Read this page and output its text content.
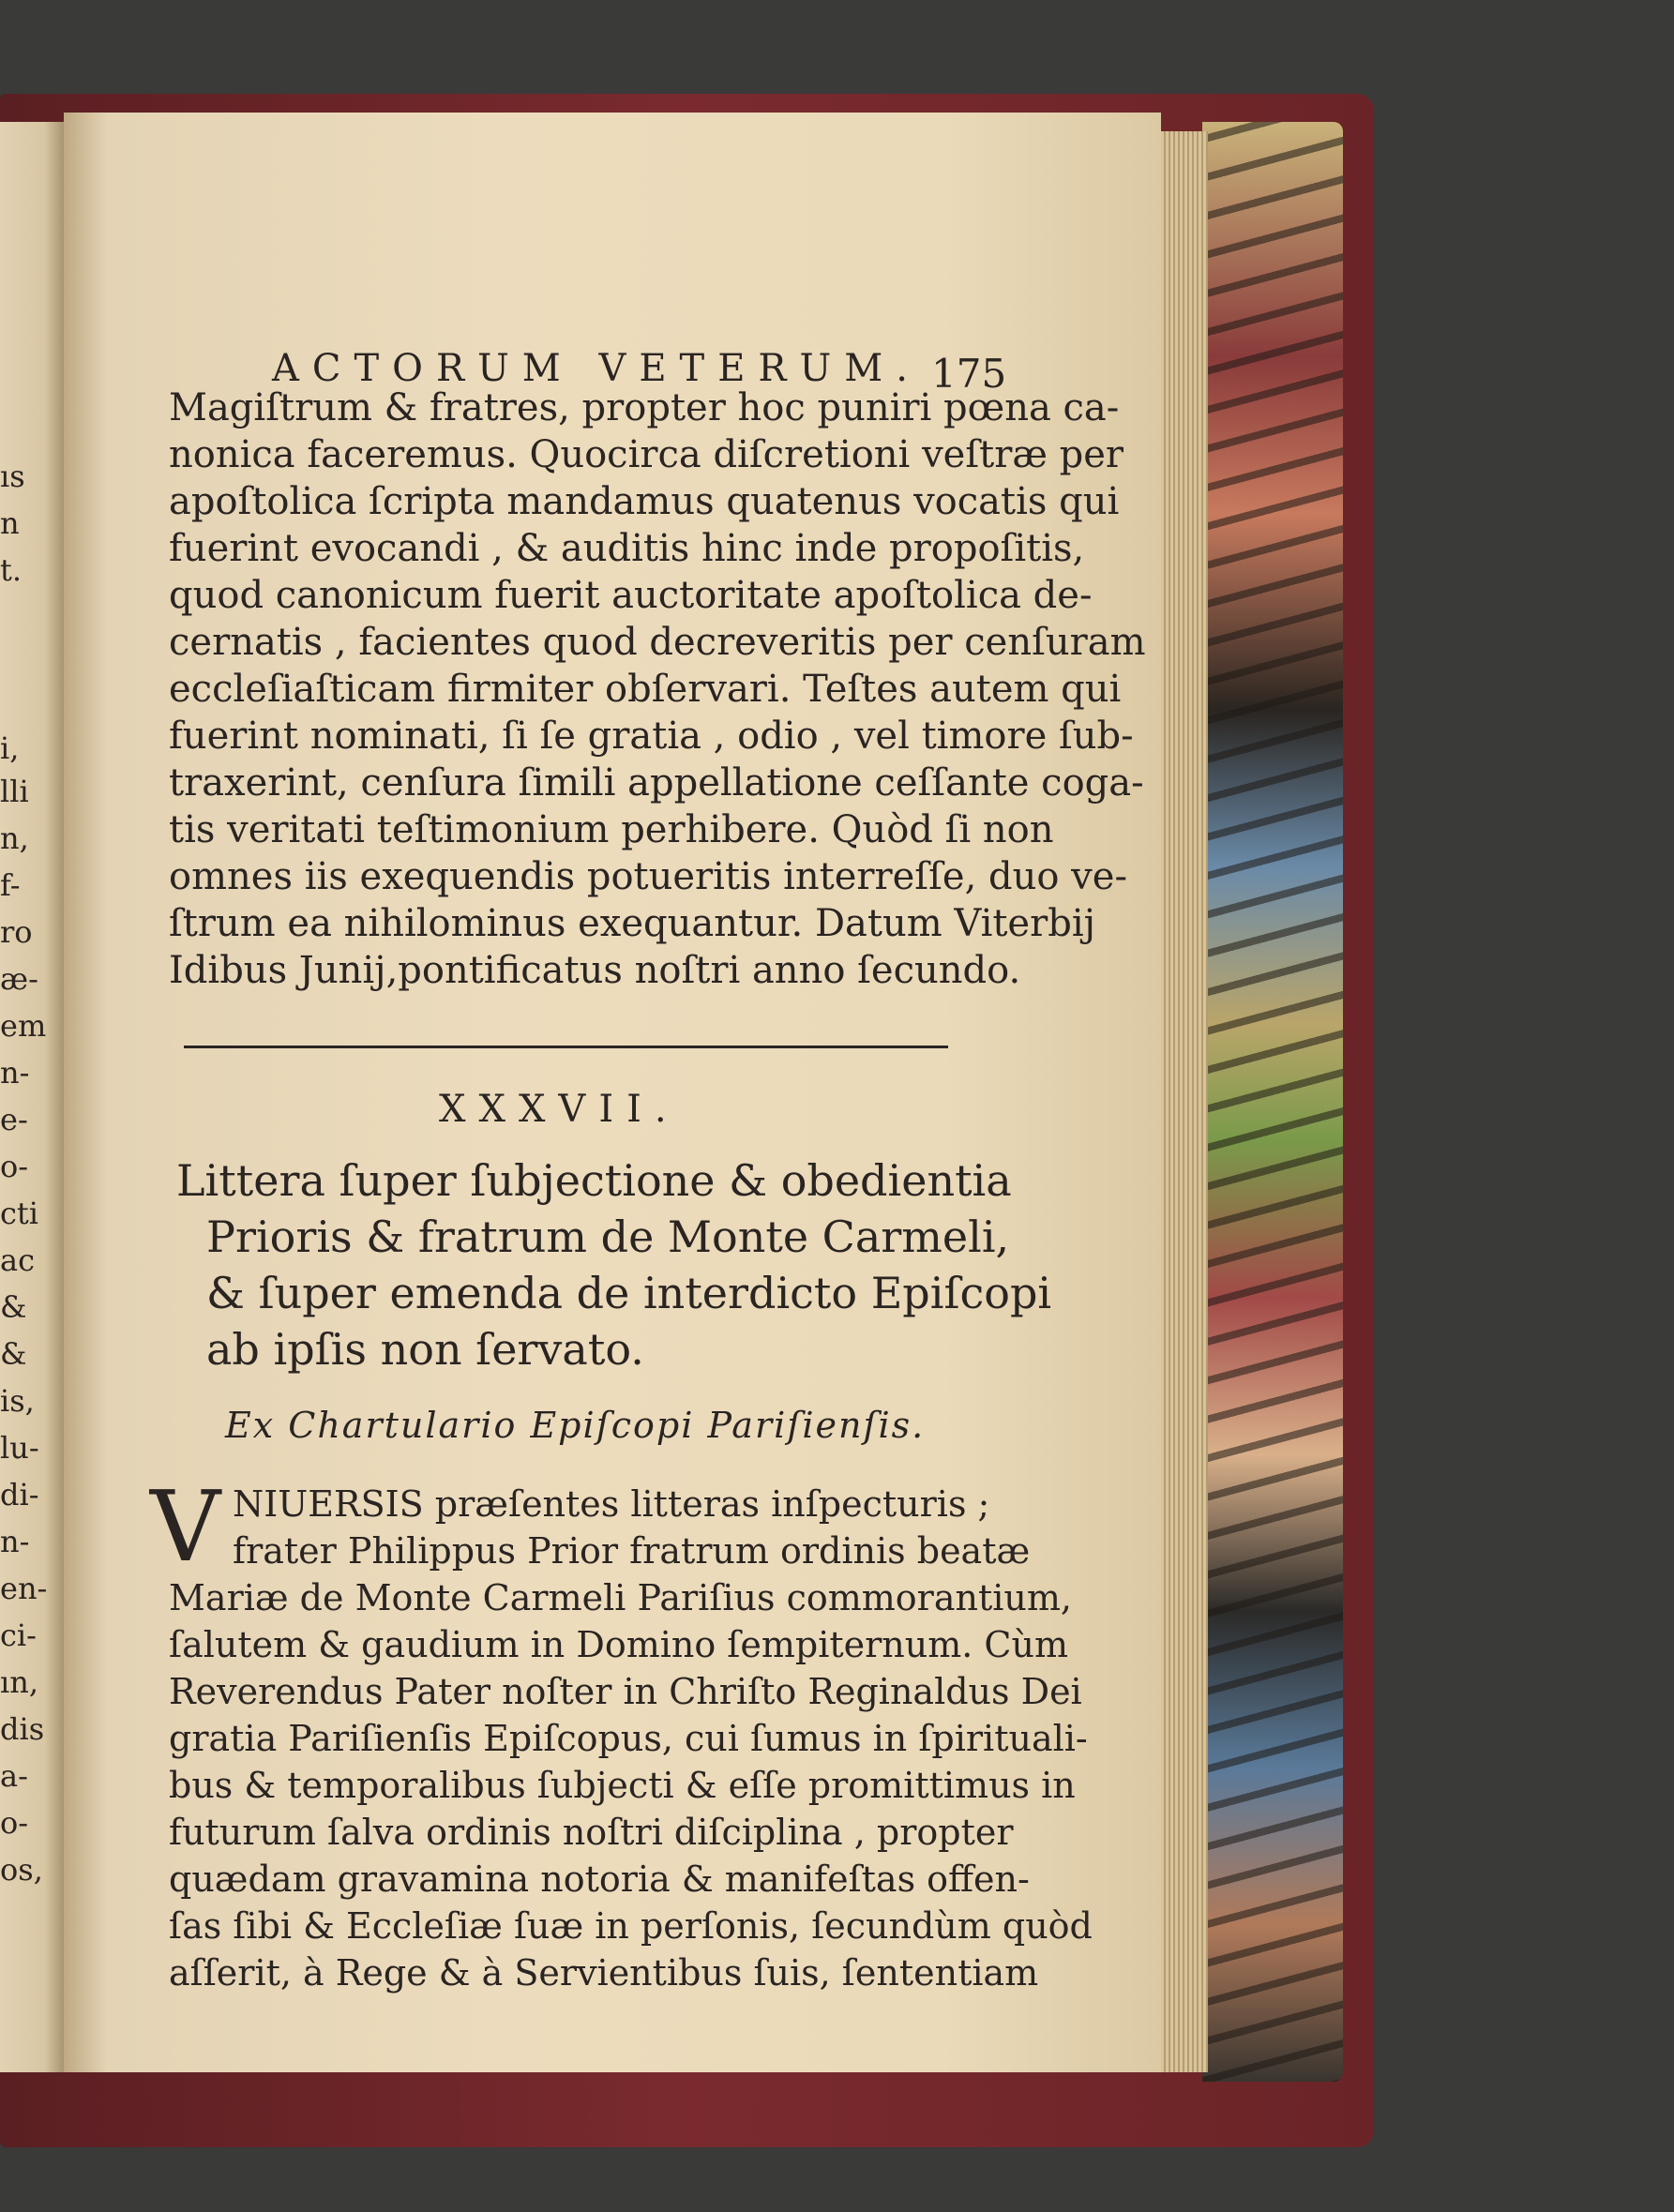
ıs
n
t.
i,
lli
n,
f-
ro
æ-
em
n-
e-
o-
cti
ac
&
&
is,
lu-
di-
n-
en-
ci-
ın,
dis
a-
o-
os,
ACTORUM VETERUM. 175
Magiſtrum & fratres, propter hoc puniri pœna ca-
nonica faceremus. Quocirca diſcretioni veſtræ per
apoſtolica ſcripta mandamus quatenus vocatis qui
fuerint evocandi , & auditis hinc inde propoſitis,
quod canonicum fuerit auctoritate apoſtolica de-
cernatis , facientes quod decreveritis per cenſuram
eccleſiaſticam firmiter obſervari. Teſtes autem qui
fuerint nominati, ſi ſe gratia , odio , vel timore ſub-
traxerint, cenſura ſimili appellatione ceſſante coga-
tis veritati teſtimonium perhibere. Quòd ſi non
omnes iis exequendis potueritis interreſſe, duo ve-
ſtrum ea nihilominus exequantur. Datum Viterbij
Idibus Junij,pontificatus noſtri anno ſecundo.
XXXVII.
Littera ſuper ſubjectione & obedientia
Prioris & fratrum de Monte Carmeli,
& ſuper emenda de interdicto Epiſcopi
ab ipſis non ſervato.
Ex Chartulario Epiſcopi Pariſienſis.
V NIUERSIS præſentes litteras inſpecturis ;
frater Philippus Prior fratrum ordinis beatæ
Mariæ de Monte Carmeli Pariſius commorantium,
ſalutem & gaudium in Domino ſempiternum. Cùm
Reverendus Pater noſter in Chriſto Reginaldus Dei
gratia Pariſienſis Epiſcopus, cui ſumus in ſpirituali-
bus & temporalibus ſubjecti & eſſe promittimus in
futurum ſalva ordinis noſtri diſciplina , propter
quædam gravamina notoria & manifeſtas offen-
ſas ſibi & Eccleſiæ ſuæ in perſonis, ſecundùm quòd
aſſerit, à Rege & à Servientibus ſuis, ſententiam
